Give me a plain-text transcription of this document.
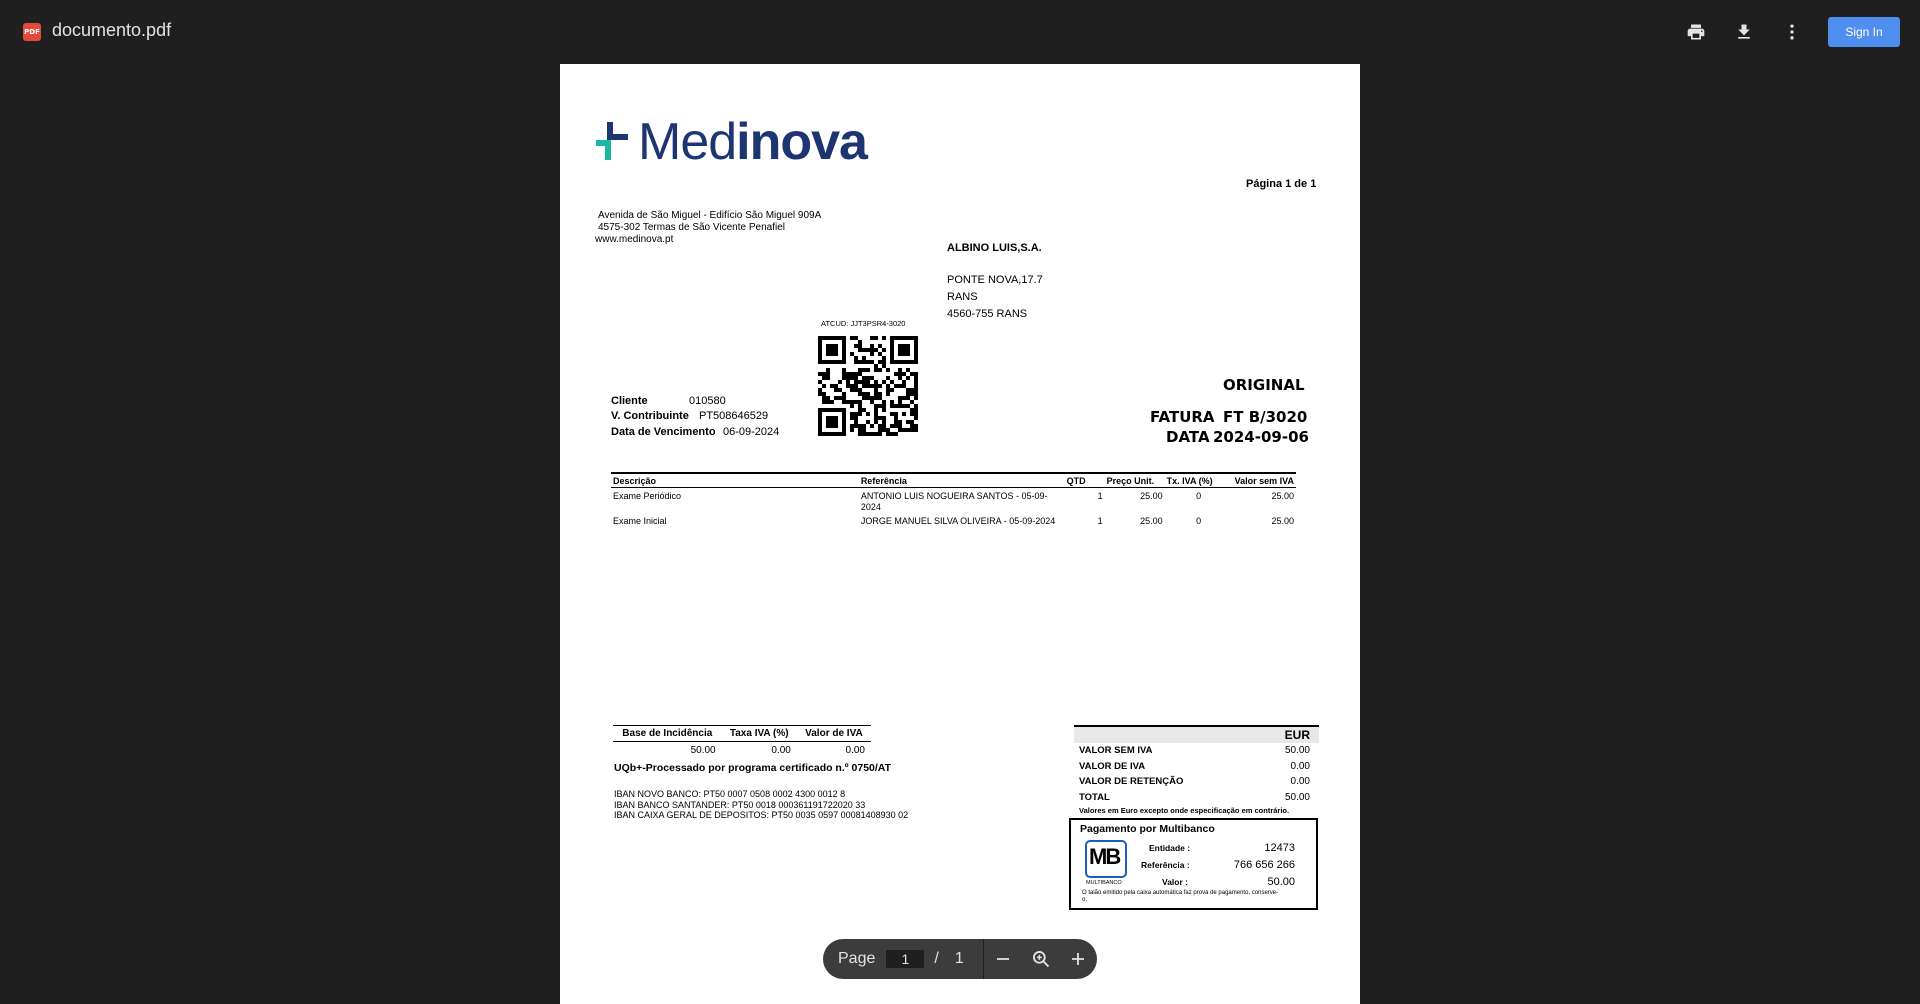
PDF documento.pdf	Sign In
Medinova
Página 1 de 1
Avenida de São Miguel - Edifício São Miguel 909A
4575-302 Termas de São Vicente Penafiel
www.medinova.pt
ALBINO LUIS,S.A.
PONTE NOVA,17.7
RANS
4560-755 RANS
ATCUD: JJT3PSR4-3020
Cliente	010580
V. Contribuinte PT508646529
Data de Vencimento 06-09-2024
ORIGINAL
FATURA FT B/3020
DATA 2024-09-06
Descrição	Referência	QTD	Preço Unit.	Tx. IVA (%)	Valor sem IVA
Exame Periódico	ANTONIO LUIS NOGUEIRA SANTOS - 05-09-2024	1	25.00	0	25.00
Exame Inicial	JORGE MANUEL SILVA OLIVEIRA - 05-09-2024	1	25.00	0	25.00
Base de Incidência	Taxa IVA (%)	Valor de IVA
50.00	0.00	0.00
UQb+-Processado por programa certificado n.º 0750/AT
IBAN NOVO BANCO: PT50 0007 0508 0002 4300 0012 8
IBAN BANCO SANTANDER: PT50 0018 000361191722020 33
IBAN CAIXA GERAL DE DEPOSITOS: PT50 0035 0597 00081408930 02
EUR
VALOR SEM IVA	50.00
VALOR DE IVA	0.00
VALOR DE RETENÇÃO	0.00
TOTAL	50.00
Valores em Euro excepto onde especificação em contrário.
Pagamento por Multibanco
MB
MULTIBANCO
Entidade :	12473
Referência :	766 656 266
Valor :	50.00
O talão emitido pela caixa automática faz prova de pagamento, conserve-o.
Page
1	/ 1
